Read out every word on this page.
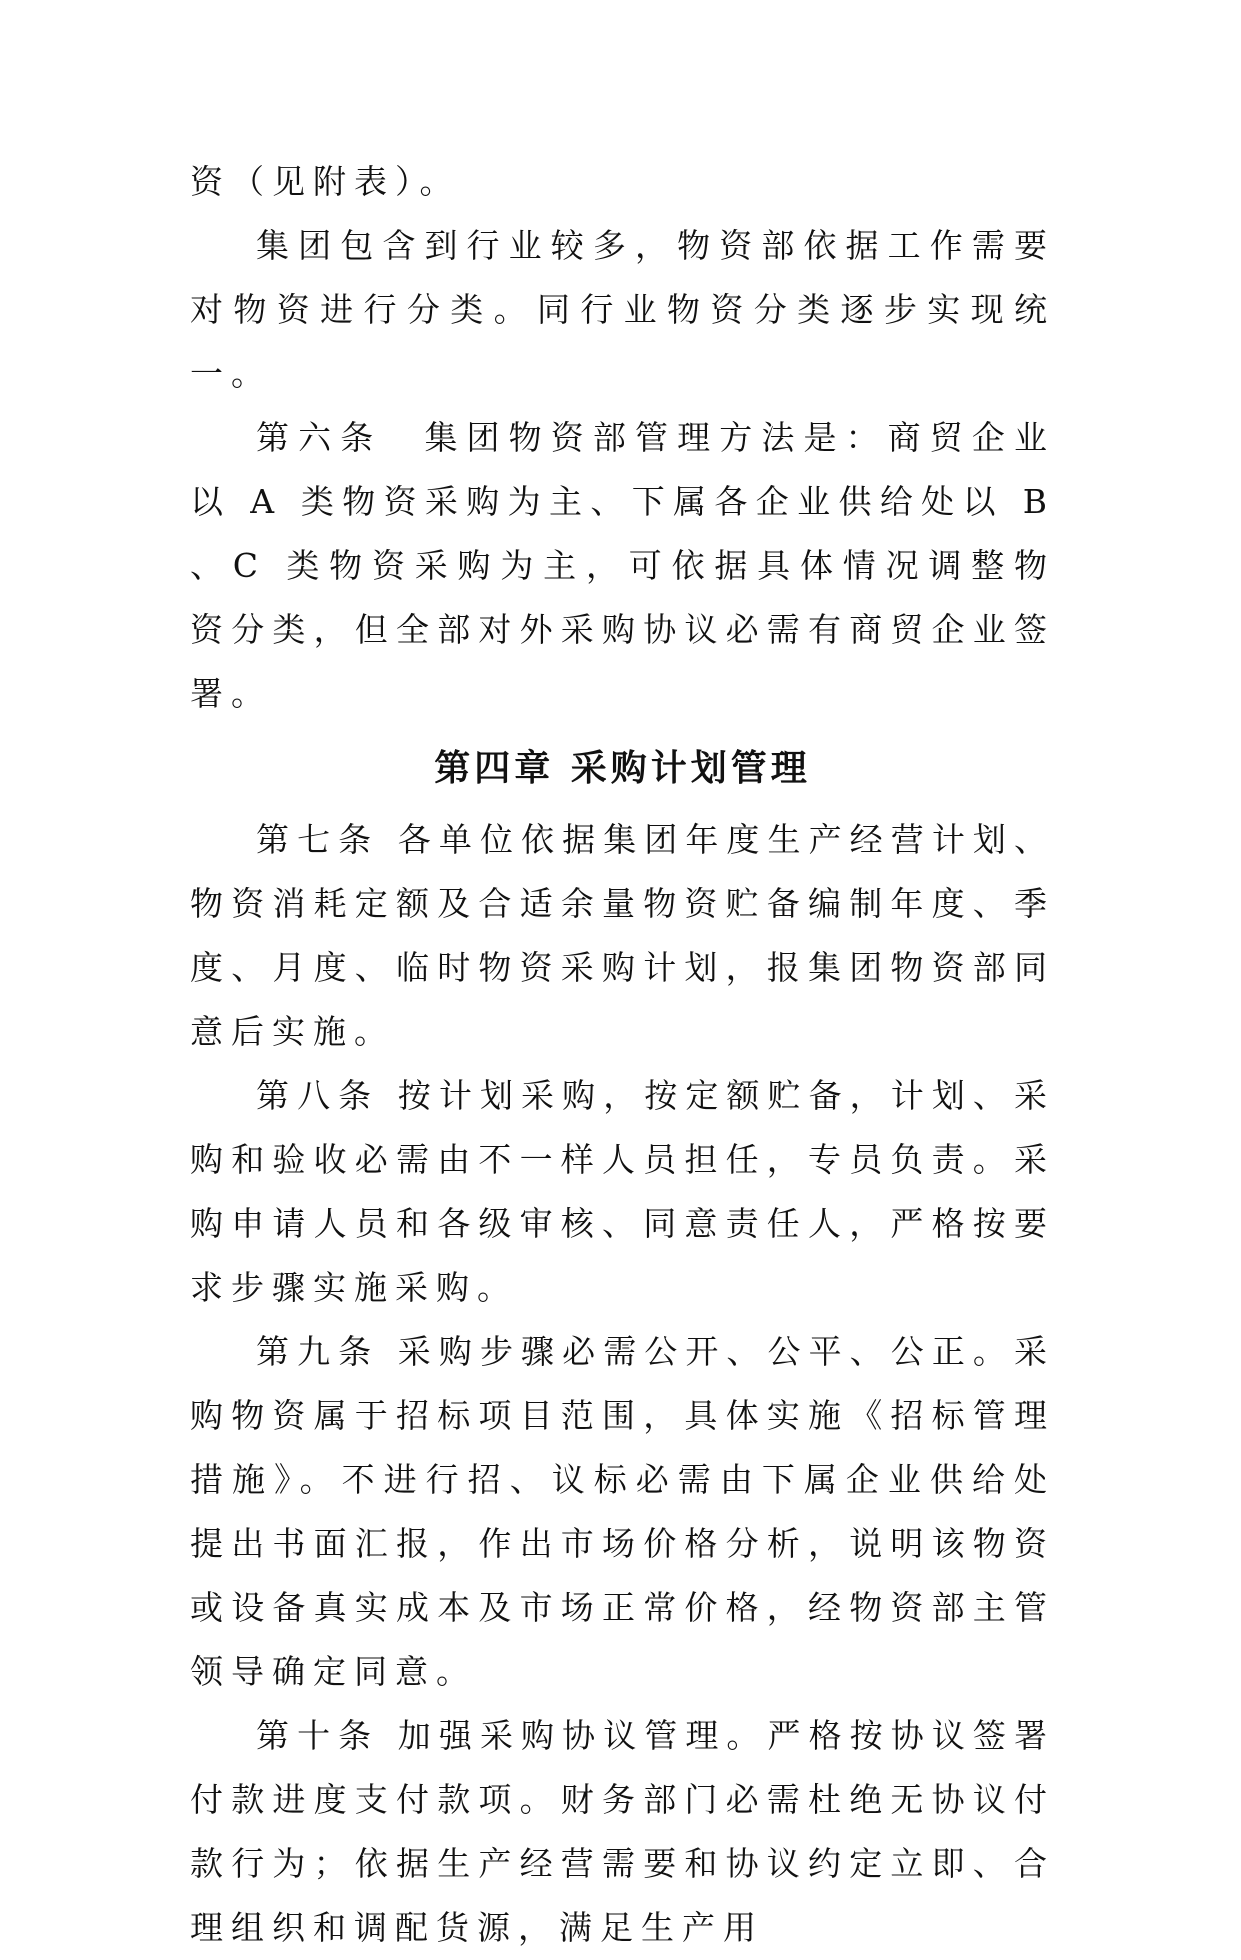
资（见附表）。

集团包含到行业较多，物资部依据工作需要对物资进行分类。同行业物资分类逐步实现统一。

第六条　集团物资部管理方法是：商贸企业以 A 类物资采购为主、下属各企业供给处以 B 、C 类物资采购为主，可依据具体情况调整物资分类，但全部对外采购协议必需有商贸企业签署。

第四章 采购计划管理

第七条 各单位依据集团年度生产经营计划、物资消耗定额及合适余量物资贮备编制年度、季度、月度、临时物资采购计划，报集团物资部同意后实施。

第八条 按计划采购，按定额贮备，计划、采购和验收必需由不一样人员担任，专员负责。采购申请人员和各级审核、同意责任人，严格按要求步骤实施采购。

第九条 采购步骤必需公开、公平、公正。采购物资属于招标项目范围，具体实施《招标管理措施》。不进行招、议标必需由下属企业供给处提出书面汇报，作出市场价格分析，说明该物资或设备真实成本及市场正常价格，经物资部主管领导确定同意。

第十条 加强采购协议管理。严格按协议签署付款进度支付款项。财务部门必需杜绝无协议付款行为；依据生产经营需要和协议约定立即、合理组织和调配货源，满足生产用
